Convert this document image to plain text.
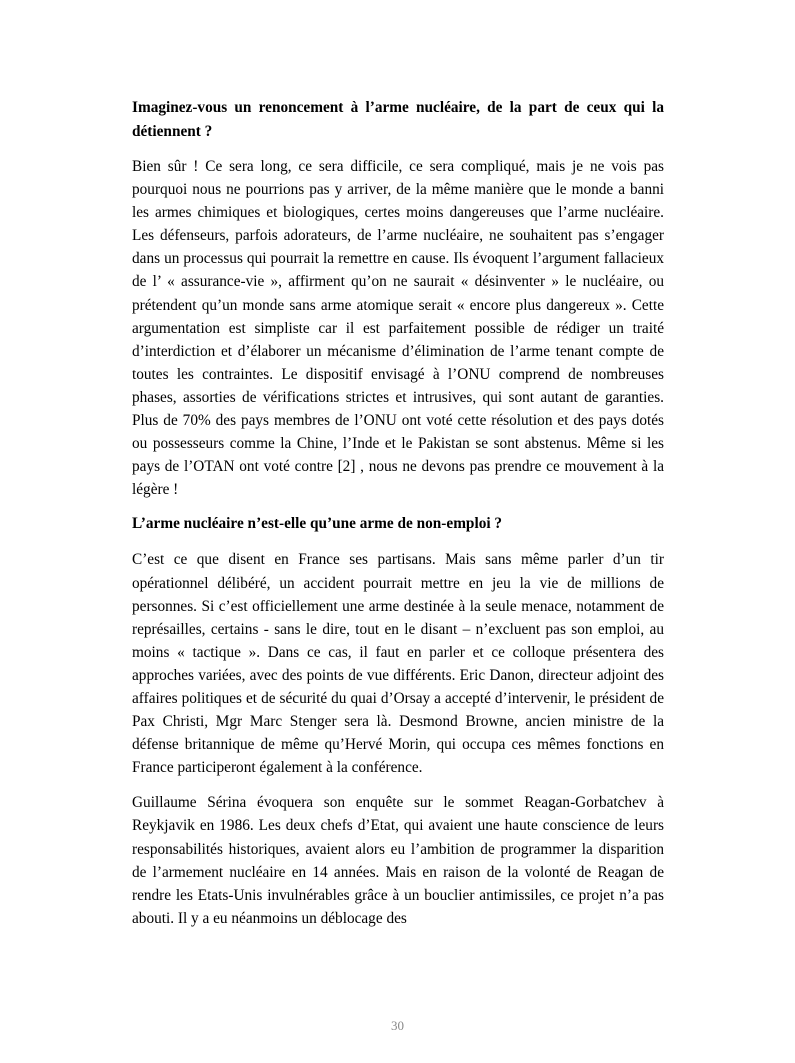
Imaginez-vous un renoncement à l’arme nucléaire, de la part de ceux qui la détiennent ?

Bien sûr ! Ce sera long, ce sera difficile, ce sera compliqué, mais je ne vois pas pourquoi nous ne pourrions pas y arriver, de la même manière que le monde a banni les armes chimiques et biologiques, certes moins dangereuses que l’arme nucléaire. Les défenseurs, parfois adorateurs, de l’arme nucléaire, ne souhaitent pas s’engager dans un processus qui pourrait la remettre en cause. Ils évoquent l’argument fallacieux de l’ « assurance-vie », affirment qu’on ne saurait « désinventer » le nucléaire, ou prétendent qu’un monde sans arme atomique serait « encore plus dangereux ». Cette argumentation est simpliste car il est parfaitement possible de rédiger un traité d’interdiction et d’élaborer un mécanisme d’élimination de l’arme tenant compte de toutes les contraintes. Le dispositif envisagé à l’ONU comprend de nombreuses phases, assorties de vérifications strictes et intrusives, qui sont autant de garanties. Plus de 70% des pays membres de l’ONU ont voté cette résolution et des pays dotés ou possesseurs comme la Chine, l’Inde et le Pakistan se sont abstenus. Même si les pays de l’OTAN ont voté contre [2] , nous ne devons pas prendre ce mouvement à la légère !

L’arme nucléaire n’est-elle qu’une arme de non-emploi ?

C’est ce que disent en France ses partisans. Mais sans même parler d’un tir opérationnel délibéré, un accident pourrait mettre en jeu la vie de millions de personnes. Si c’est officiellement une arme destinée à la seule menace, notamment de représailles, certains - sans le dire, tout en le disant – n’excluent pas son emploi, au moins « tactique ». Dans ce cas, il faut en parler et ce colloque présentera des approches variées, avec des points de vue différents. Eric Danon, directeur adjoint des affaires politiques et de sécurité du quai d’Orsay a accepté d’intervenir, le président de Pax Christi, Mgr Marc Stenger sera là. Desmond Browne, ancien ministre de la défense britannique de même qu’Hervé Morin, qui occupa ces mêmes fonctions en France participeront également à la conférence.

Guillaume Sérina évoquera son enquête sur le sommet Reagan-Gorbatchev à Reykjavik en 1986. Les deux chefs d’Etat, qui avaient une haute conscience de leurs responsabilités historiques, avaient alors eu l’ambition de programmer la disparition de l’armement nucléaire en 14 années. Mais en raison de la volonté de Reagan de rendre les Etats-Unis invulnérables grâce à un bouclier antimissiles, ce projet n’a pas abouti. Il y a eu néanmoins un déblocage des

30
